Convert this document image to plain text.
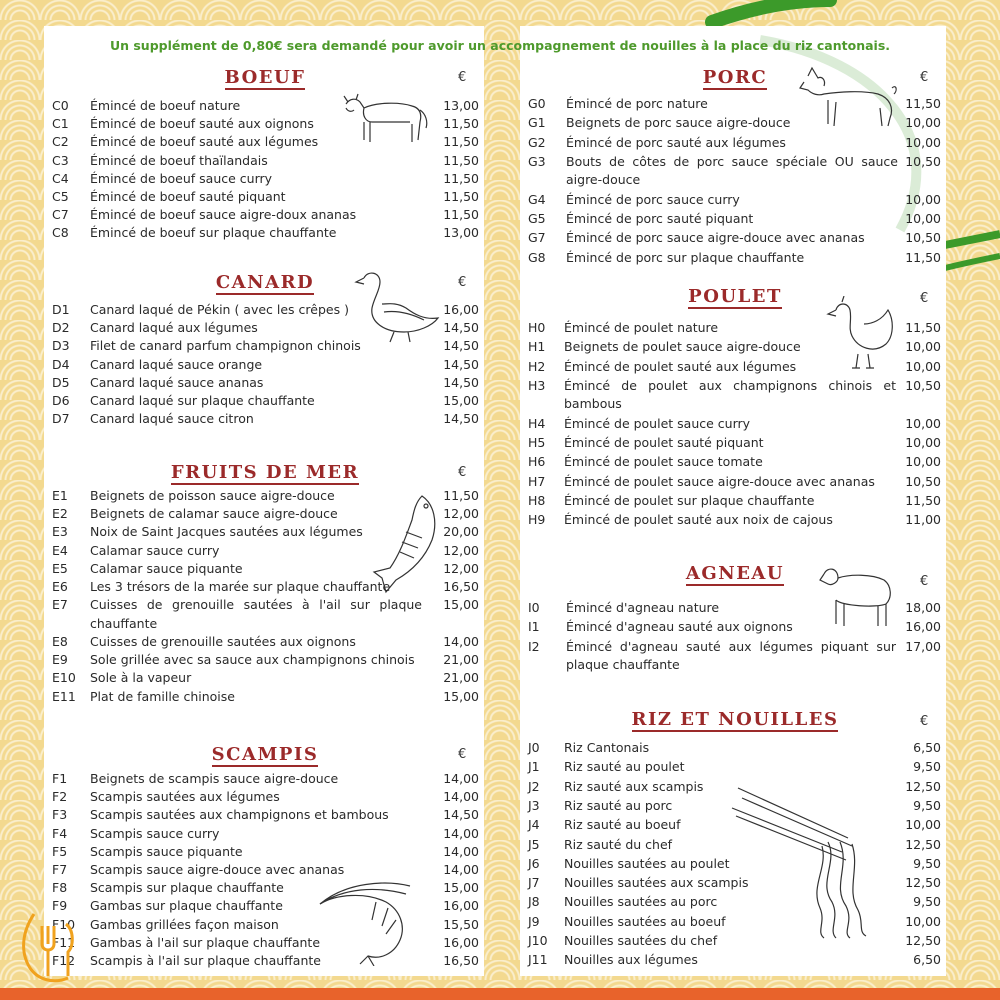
Un supplément de 0,80€ sera demandé pour avoir un accompagnement de nouilles à la place du riz cantonais.
BOEUF	€
C0 Émincé de boeuf nature	13,00
C1 Émincé de boeuf sauté aux oignons	11,50
C2 Émincé de boeuf sauté aux légumes	11,50
C3 Émincé de boeuf thaïlandais	11,50
C4 Émincé de boeuf sauce curry	11,50
C5 Émincé de boeuf sauté piquant	11,50
C7 Émincé de boeuf sauce aigre-doux ananas	11,50
C8 Émincé de boeuf sur plaque chauffante	13,00
CANARD	€
D1 Canard laqué de Pékin ( avec les crêpes )	16,00
D2 Canard laqué aux légumes	14,50
D3 Filet de canard parfum champignon chinois	14,50
D4 Canard laqué sauce orange	14,50
D5 Canard laqué sauce ananas	14,50
D6 Canard laqué sur plaque chauffante	15,00
D7 Canard laqué sauce citron	14,50
FRUITS DE MER	€
E1 Beignets de poisson sauce aigre-douce	11,50
E2 Beignets de calamar sauce aigre-douce	12,00
E3 Noix de Saint Jacques sautées aux légumes	20,00
E4 Calamar sauce curry	12,00
E5 Calamar sauce piquante	12,00
E6 Les 3 trésors de la marée sur plaque chauffante	16,50
E7 Cuisses de grenouille sautées à l'ail sur plaque chauffante
15,00
E8 Cuisses de grenouille sautées aux oignons	14,00
E9 Sole grillée avec sa sauce aux champignons chinois	21,00
E10 Sole à la vapeur	21,00
E11 Plat de famille chinoise	15,00
SCAMPIS	€
F1 Beignets de scampis sauce aigre-douce	14,00
F2 Scampis sautées aux légumes	14,00
F3 Scampis sautées aux champignons et bambous	14,50
F4 Scampis sauce curry	14,00
F5 Scampis sauce piquante	14,00
F7 Scampis sauce aigre-douce avec ananas	14,00
F8 Scampis sur plaque chauffante	15,00
F9 Gambas sur plaque chauffante	16,00
F10 Gambas grillées façon maison	15,50
F11 Gambas à l'ail sur plaque chauffante	16,00
F12 Scampis à l'ail sur plaque chauffante	16,50
PORC	€
G0 Émincé de porc nature	11,50
G1 Beignets de porc sauce aigre-douce	10,00
G2 Émincé de porc sauté aux légumes	10,00
G3 Bouts de côtes de porc sauce spéciale OU sauce aigre-douce
10,50
G4 Émincé de porc sauce curry	10,00
G5 Émincé de porc sauté piquant	10,00
G7 Émincé de porc sauce aigre-douce avec ananas	10,50
G8 Émincé de porc sur plaque chauffante	11,50
POULET	€
H0 Émincé de poulet nature	11,50
H1 Beignets de poulet sauce aigre-douce	10,00
H2 Émincé de poulet sauté aux légumes	10,00
H3 Émincé de poulet aux champignons chinois et bambous
10,50
H4 Émincé de poulet sauce curry	10,00
H5 Émincé de poulet sauté piquant	10,00
H6 Émincé de poulet sauce tomate	10,00
H7 Émincé de poulet sauce aigre-douce avec ananas	10,50
H8 Émincé de poulet sur plaque chauffante	11,50
H9 Émincé de poulet sauté aux noix de cajous	11,00
AGNEAU	€
I0 Émincé d'agneau nature	18,00
I1 Émincé d'agneau sauté aux oignons	16,00
I2 Émincé d'agneau sauté aux légumes piquant sur plaque chauffante
17,00
RIZ ET NOUILLES	€
J0 Riz Cantonais	6,50
J1 Riz sauté au poulet	9,50
J2 Riz sauté aux scampis	12,50
J3 Riz sauté au porc	9,50
J4 Riz sauté au boeuf	10,00
J5 Riz sauté du chef	12,50
J6 Nouilles sautées au poulet	9,50
J7 Nouilles sautées aux scampis	12,50
J8 Nouilles sautées au porc	9,50
J9 Nouilles sautées au boeuf	10,00
J10 Nouilles sautées du chef	12,50
J11 Nouilles aux légumes	6,50
